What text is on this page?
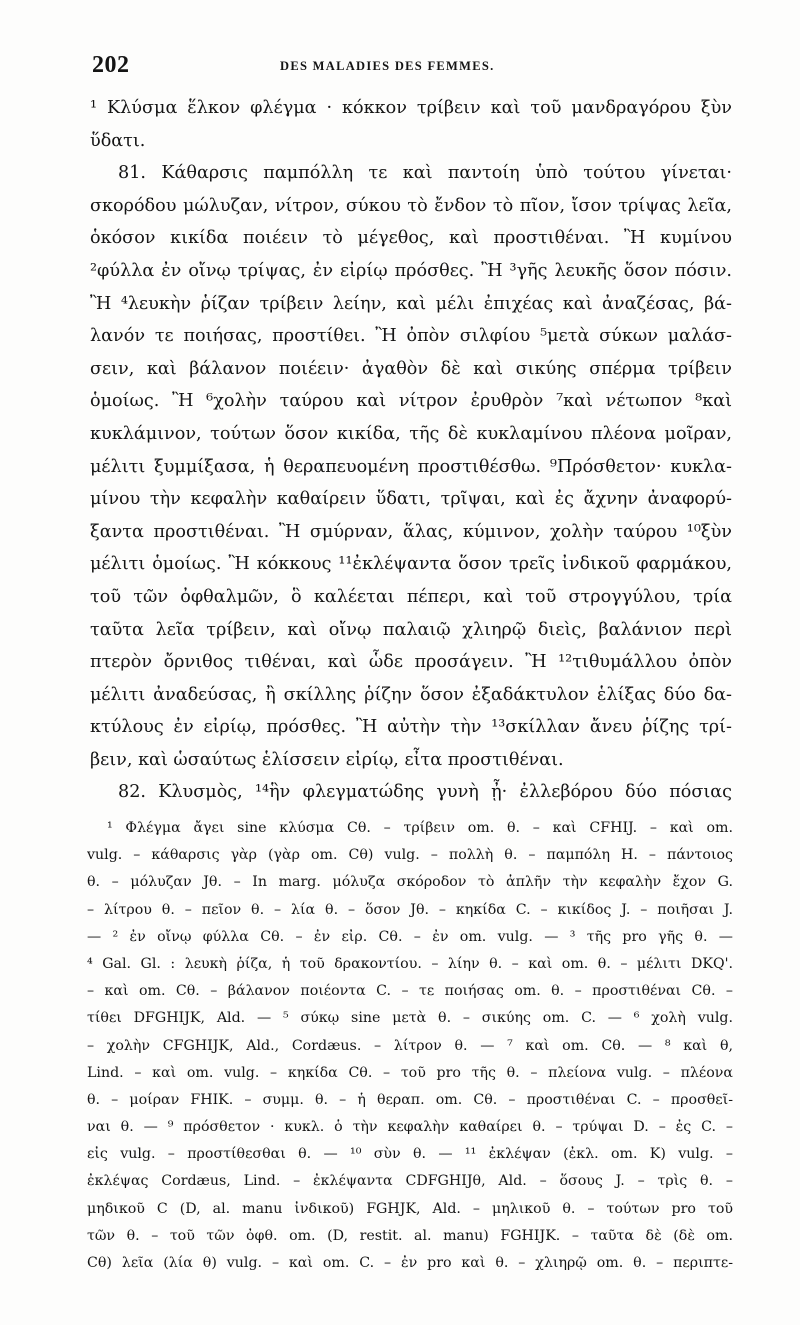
202	DES MALADIES DES FEMMES.
¹ Κλύσμα ἕλκον φλέγμα · κόκκον τρίβειν καὶ τοῦ μανδραγόρου ξὺν
ὕδατι.
81. Κάθαρσις παμπόλλη τε καὶ παντοίη ὑπὸ τούτου γίνεται·
σκορόδου μώλυζαν, νίτρον, σύκου τὸ ἔνδον τὸ πῖον, ἴσον τρίψας λεῖα,
ὁκόσον κικίδα ποιέειν τὸ μέγεθος, καὶ προστιθέναι. Ἢ κυμίνου
²φύλλα ἐν οἴνῳ τρίψας, ἐν εἰρίῳ πρόσθες. Ἢ ³γῆς λευκῆς ὅσον πόσιν.
Ἢ ⁴λευκὴν ῥίζαν τρίβειν λείην, καὶ μέλι ἐπιχέας καὶ ἀναζέσας, βά-
λανόν τε ποιήσας, προστίθει. Ἢ ὀπὸν σιλφίου ⁵μετὰ σύκων μαλάσ-
σειν, καὶ βάλανον ποιέειν· ἀγαθὸν δὲ καὶ σικύης σπέρμα τρίβειν
ὁμοίως. Ἢ ⁶χολὴν ταύρου καὶ νίτρον ἐρυθρὸν ⁷καὶ νέτωπον ⁸καὶ
κυκλάμινον, τούτων ὅσον κικίδα, τῆς δὲ κυκλαμίνου πλέονα μοῖραν,
μέλιτι ξυμμίξασα, ἡ θεραπευομένη προστιθέσθω. ⁹Πρόσθετον· κυκλα-
μίνου τὴν κεφαλὴν καθαίρειν ὕδατι, τρῖψαι, καὶ ἐς ἄχνην ἀναφορύ-
ξαντα προστιθέναι. Ἢ σμύρναν, ἅλας, κύμινον, χολὴν ταύρου ¹⁰ξὺν
μέλιτι ὁμοίως. Ἢ κόκκους ¹¹ἐκλέψαντα ὅσον τρεῖς ἰνδικοῦ φαρμάκου,
τοῦ τῶν ὀφθαλμῶν, ὃ καλέεται πέπερι, καὶ τοῦ στρογγύλου, τρία
ταῦτα λεῖα τρίβειν, καὶ οἴνῳ παλαιῷ χλιηρῷ διεὶς, βαλάνιον περὶ
πτερὸν ὄρνιθος τιθέναι, καὶ ὧδε προσάγειν. Ἢ ¹²τιθυμάλλου ὀπὸν
μέλιτι ἀναδεύσας, ἢ σκίλλης ῥίζην ὅσον ἐξαδάκτυλον ἑλίξας δύο δα-
κτύλους ἐν εἰρίῳ, πρόσθες. Ἢ αὐτὴν τὴν ¹³σκίλλαν ἄνευ ῥίζης τρί-
βειν, καὶ ὡσαύτως ἑλίσσειν εἰρίῳ, εἶτα προστιθέναι.
82. Κλυσμὸς, ¹⁴ἣν φλεγματώδης γυνὴ ᾖ· ἐλλεβόρου δύο πόσιας
¹ Φλέγμα ἄγει sine κλύσμα Cθ. – τρίβειν om. θ. – καὶ CFHIJ. – καὶ om.
vulg. – κάθαρσις γὰρ (γὰρ om. Cθ) vulg. – πολλὴ θ. – παμπόλη H. – πάντοιος
θ. – μόλυζαν Jθ. – In marg. μόλυζα σκόροδον τὸ ἁπλῆν τὴν κεφαλὴν ἔχον G.
– λίτρου θ. – πεῖον θ. – λία θ. – ὅσον Jθ. – κηκίδα C. – κικίδος J. – ποιῆσαι J.
— ² ἐν οἴνῳ φύλλα Cθ. – ἐν εἰρ. Cθ. – ἐν om. vulg. — ³ τῆς pro γῆς θ. —
⁴ Gal. Gl. : λευκὴ ῥίζα, ἡ τοῦ δρακοντίου. – λίην θ. – καὶ om. θ. – μέλιτι DKQ'.
– καὶ om. Cθ. – βάλανον ποιέοντα C. – τε ποιήσας om. θ. – προστιθέναι Cθ. –
τίθει DFGHIJK, Ald. — ⁵ σύκῳ sine μετὰ θ. – σικύης om. C. — ⁶ χολὴ vulg.
– χολὴν CFGHIJK, Ald., Cordæus. – λίτρον θ. — ⁷ καὶ om. Cθ. — ⁸ καὶ θ,
Lind. – καὶ om. vulg. – κηκίδα Cθ. – τοῦ pro τῆς θ. – πλείονα vulg. – πλέονα
θ. – μοίραν FHIK. – συμμ. θ. – ἡ θεραπ. om. Cθ. – προστιθέναι C. – προσθεῖ-
ναι θ. — ⁹ πρόσθετον · κυκλ. ὁ τὴν κεφαλὴν καθαίρει θ. – τρύψαι D. – ἐς C. –
εἰς vulg. – προστίθεσθαι θ. — ¹⁰ σὺν θ. — ¹¹ ἐκλέψαν (ἐκλ. om. K) vulg. –
ἐκλέψας Cordæus, Lind. – ἐκλέψαντα CDFGHIJθ, Ald. – ὅσους J. – τρὶς θ. –
μηδικοῦ C (D, al. manu ἰνδικοῦ) FGHJK, Ald. – μηλικοῦ θ. – τούτων pro τοῦ
τῶν θ. – τοῦ τῶν ὀφθ. om. (D, restit. al. manu) FGHIJK. – ταῦτα δὲ (δὲ om.
Cθ) λεῖα (λία θ) vulg. – καὶ om. C. – ἐν pro καὶ θ. – χλιηρῷ om. θ. – περιπτε-
